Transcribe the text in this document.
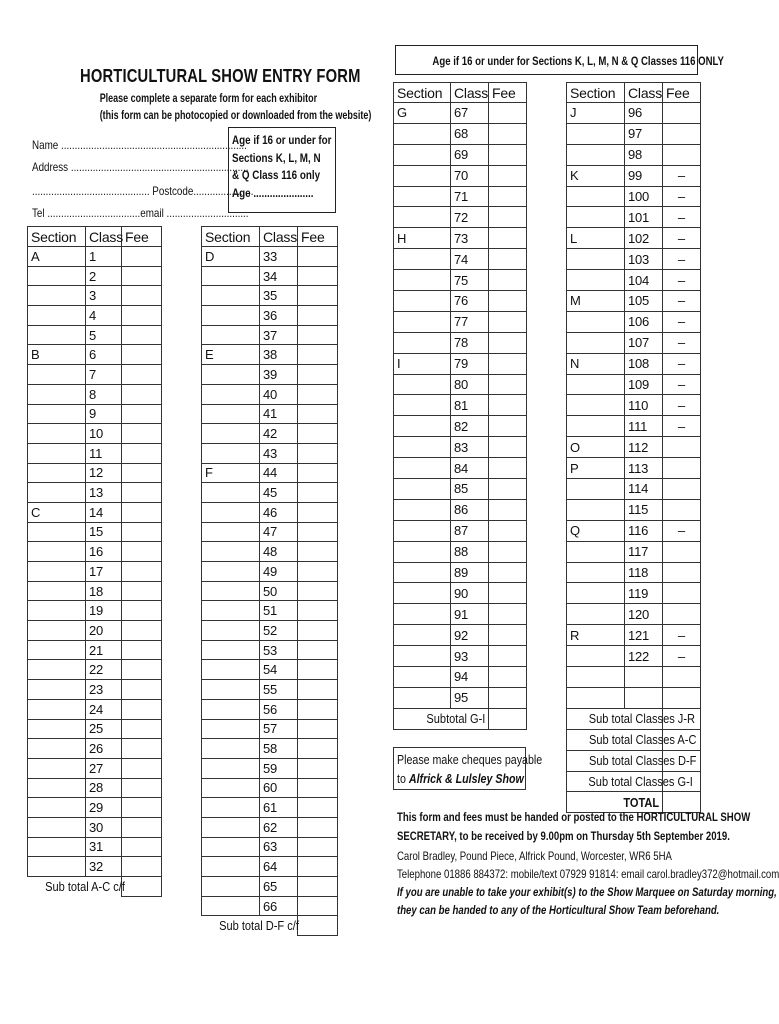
HORTICULTURAL SHOW ENTRY FORM
Please complete a separate form for each exhibitor
(this form can be photocopied or downloaded from the website)
Name ....................................................................
Address .................................................................
........................................... Postcode......................
Tel ..................................email ..............................
Age if 16 or under for
Sections K, L, M, N
& Q Class 116 only
Age ......................
Age if 16 or under for Sections K, L, M, N & Q Classes 116 ONLY
Section	Class	Fee
A	1	
	2	
	3	
	4	
	5	
B	6	
	7	
	8	
	9	
	10	
	11	
	12	
	13	
C	14	
	15	
	16	
	17	
	18	
	19	
	20	
	21	
	22	
	23	
	24	
	25	
	26	
	27	
	28	
	29	
	30	
	31	
	32	
Sub total A-C c/f		
Section	Class	Fee
D	33	
	34	
	35	
	36	
	37	
E	38	
	39	
	40	
	41	
	42	
	43	
F	44	
	45	
	46	
	47	
	48	
	49	
	50	
	51	
	52	
	53	
	54	
	55	
	56	
	57	
	58	
	59	
	60	
	61	
	62	
	63	
	64	
	65	
	66	
Sub total D-F c/f		
Section	Class	Fee
G	67	
	68	
	69	
	70	
	71	
	72	
H	73	
	74	
	75	
	76	
	77	
	78	
I	79	
	80	
	81	
	82	
	83	
	84	
	85	
	86	
	87	
	88	
	89	
	90	
	91	
	92	
	93	
	94	
	95	
Subtotal G-I		
Section	Class	Fee
J	96	
	97	
	98	
K	99	–
	100	–
	101	–
L	102	–
	103	–
	104	–
M	105	–
	106	–
	107	–
N	108	–
	109	–
	110	–
	111	–
O	112	
P	113	
	114	
	115	
Q	116	–
	117	
	118	
	119	
	120	
R	121	–
	122	–

Sub total Classes J-R		
Sub total Classes A-C		
Sub total Classes D-F		
Sub total Classes G-I		
TOTAL		
Please make cheques payable
to Alfrick & Lulsley Show
This form and fees must be handed or posted to the HORTICULTURAL SHOW
SECRETARY, to be received by 9.00pm on Thursday 5th September 2019.
Carol Bradley, Pound Piece, Alfrick Pound, Worcester, WR6 5HA
Telephone 01886 884372: mobile/text 07929 91814: email carol.bradley372@hotmail.com
If you are unable to take your exhibit(s) to the Show Marquee on Saturday morning,
they can be handed to any of the Horticultural Show Team beforehand.
